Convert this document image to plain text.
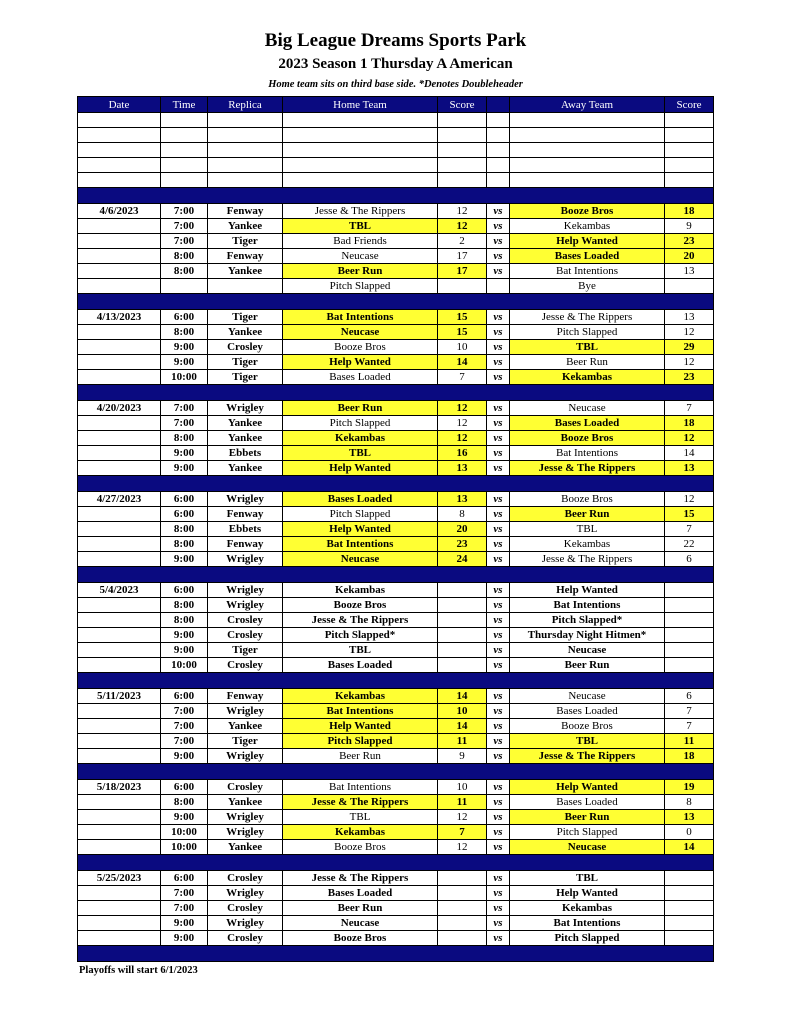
Big League Dreams Sports Park
2023 Season 1 Thursday A American
Home team sits on third base side. *Denotes Doubleheader
Date	Time	Replica	Home Team	Score		Away Team	Score

4/6/2023	7:00	Fenway	Jesse & The Rippers	12	vs	Booze Bros	18
	7:00	Yankee	TBL	12	vs	Kekambas	9
	7:00	Tiger	Bad Friends	2	vs	Help Wanted	23
	8:00	Fenway	Neucase	17	vs	Bases Loaded	20
	8:00	Yankee	Beer Run	17	vs	Bat Intentions	13
			Pitch Slapped			Bye	

4/13/2023	6:00	Tiger	Bat Intentions	15	vs	Jesse & The Rippers	13
	8:00	Yankee	Neucase	15	vs	Pitch Slapped	12
	9:00	Crosley	Booze Bros	10	vs	TBL	29
	9:00	Tiger	Help Wanted	14	vs	Beer Run	12
	10:00	Tiger	Bases Loaded	7	vs	Kekambas	23

4/20/2023	7:00	Wrigley	Beer Run	12	vs	Neucase	7
	7:00	Yankee	Pitch Slapped	12	vs	Bases Loaded	18
	8:00	Yankee	Kekambas	12	vs	Booze Bros	12
	9:00	Ebbets	TBL	16	vs	Bat Intentions	14
	9:00	Yankee	Help Wanted	13	vs	Jesse & The Rippers	13

4/27/2023	6:00	Wrigley	Bases Loaded	13	vs	Booze Bros	12
	6:00	Fenway	Pitch Slapped	8	vs	Beer Run	15
	8:00	Ebbets	Help Wanted	20	vs	TBL	7
	8:00	Fenway	Bat Intentions	23	vs	Kekambas	22
	9:00	Wrigley	Neucase	24	vs	Jesse & The Rippers	6

5/4/2023	6:00	Wrigley	Kekambas		vs	Help Wanted	
	8:00	Wrigley	Booze Bros		vs	Bat Intentions	
	8:00	Crosley	Jesse & The Rippers		vs	Pitch Slapped*	
	9:00	Crosley	Pitch Slapped*		vs	Thursday Night Hitmen*	
	9:00	Tiger	TBL		vs	Neucase	
	10:00	Crosley	Bases Loaded		vs	Beer Run	

5/11/2023	6:00	Fenway	Kekambas	14	vs	Neucase	6
	7:00	Wrigley	Bat Intentions	10	vs	Bases Loaded	7
	7:00	Yankee	Help Wanted	14	vs	Booze Bros	7
	7:00	Tiger	Pitch Slapped	11	vs	TBL	11
	9:00	Wrigley	Beer Run	9	vs	Jesse & The Rippers	18

5/18/2023	6:00	Crosley	Bat Intentions	10	vs	Help Wanted	19
	8:00	Yankee	Jesse & The Rippers	11	vs	Bases Loaded	8
	9:00	Wrigley	TBL	12	vs	Beer Run	13
	10:00	Wrigley	Kekambas	7	vs	Pitch Slapped	0
	10:00	Yankee	Booze Bros	12	vs	Neucase	14

5/25/2023	6:00	Crosley	Jesse & The Rippers		vs	TBL	
	7:00	Wrigley	Bases Loaded		vs	Help Wanted	
	7:00	Crosley	Beer Run		vs	Kekambas	
	9:00	Wrigley	Neucase		vs	Bat Intentions	
	9:00	Crosley	Booze Bros		vs	Pitch Slapped	

Playoffs will start 6/1/2023
